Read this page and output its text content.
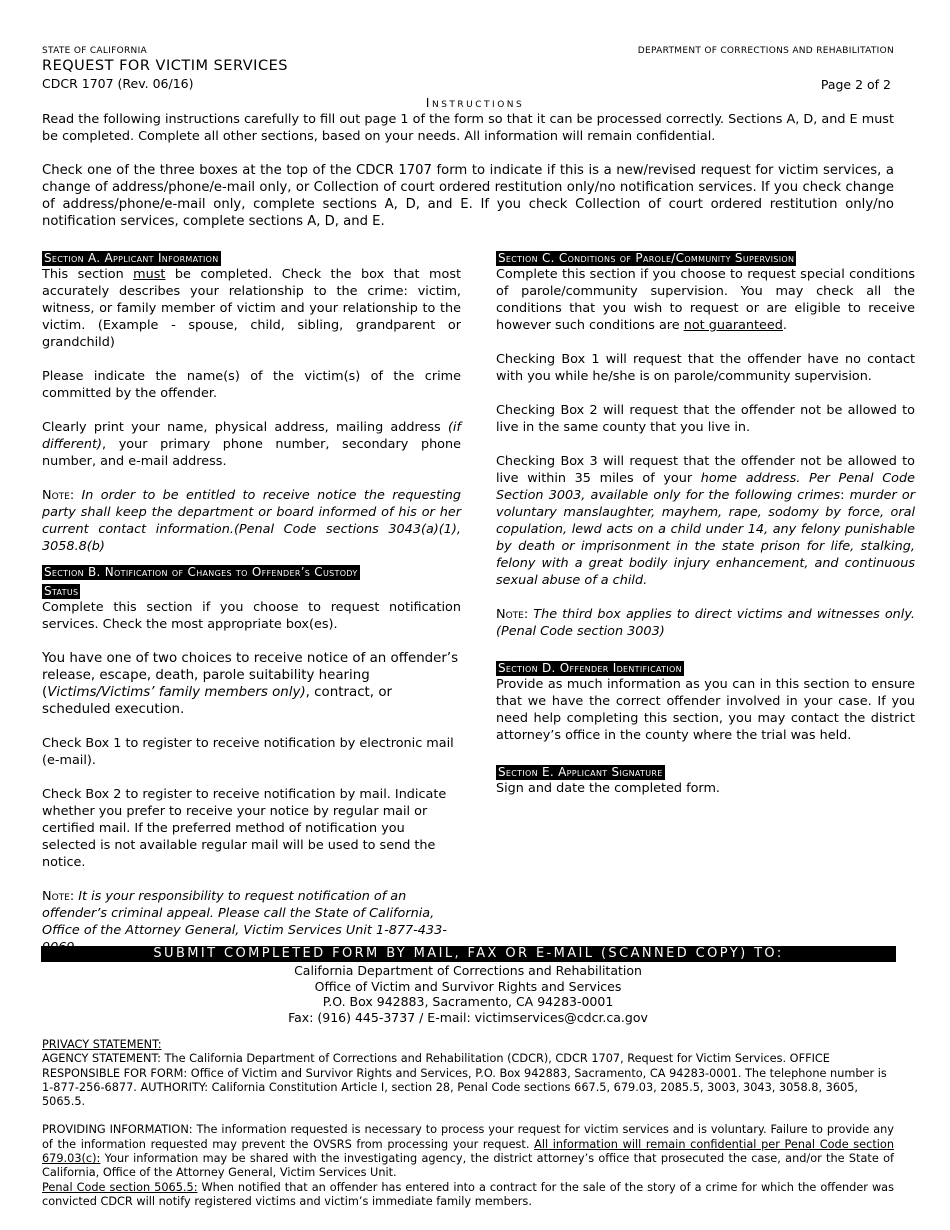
STATE OF CALIFORNIA	DEPARTMENT OF CORRECTIONS AND REHABILITATION
REQUEST FOR VICTIM SERVICES
CDCR 1707 (Rev. 06/16)	Page 2 of 2
Instructions

Read the following instructions carefully to fill out page 1 of the form so that it can be processed correctly. Sections A, D, and E must be completed. Complete all other sections, based on your needs. All information will remain confidential.

Check one of the three boxes at the top of the CDCR 1707 form to indicate if this is a new/revised request for victim services, a change of address/phone/e-mail only, or Collection of court ordered restitution only/no notification services. If you check change of address/phone/e-mail only, complete sections A, D, and E. If you check Collection of court ordered restitution only/no notification services, complete sections A, D, and E.

Section A. Applicant Information

This section must be completed. Check the box that most accurately describes your relationship to the crime: victim, witness, or family member of victim and your relationship to the victim. (Example - spouse, child, sibling, grandparent or grandchild)

Please indicate the name(s) of the victim(s) of the crime committed by the offender.

Clearly print your name, physical address, mailing address (if different), your primary phone number, secondary phone number, and e-mail address.

Note: In order to be entitled to receive notice the requesting party shall keep the department or board informed of his or her current contact information.(Penal Code sections 3043(a)(1), 3058.8(b)

Section B. Notification of Changes to Offender’s Custody
Status

Complete this section if you choose to request notification services. Check the most appropriate box(es).

You have one of two choices to receive notice of an offender’s release, escape, death, parole suitability hearing (Victims/Victims’ family members only), contract, or scheduled execution.

Check Box 1 to register to receive notification by electronic mail (e-mail).

Check Box 2 to register to receive notification by mail. Indicate whether you prefer to receive your notice by regular mail or certified mail. If the preferred method of notification you selected is not available regular mail will be used to send the notice.

Note: It is your responsibility to request notification of an offender’s criminal appeal. Please call the State of California, Office of the Attorney General, Victim Services Unit 1-877-433-

Section C. Conditions of Parole/Community Supervision

Complete this section if you choose to request special conditions of parole/community supervision. You may check all the conditions that you wish to request or are eligible to receive however such conditions are not guaranteed.

Checking Box 1 will request that the offender have no contact with you while he/she is on parole/community supervision.

Checking Box 2 will request that the offender not be allowed to live in the same county that you live in.

Checking Box 3 will request that the offender not be allowed to live within 35 miles of your home address. Per Penal Code Section 3003, available only for the following crimes: murder or voluntary manslaughter, mayhem, rape, sodomy by force, oral copulation, lewd acts on a child under 14, any felony punishable by death or imprisonment in the state prison for life, stalking, felony with a great bodily injury enhancement, and continuous sexual abuse of a child.

Note: The third box applies to direct victims and witnesses only. (Penal Code section 3003)

Section D. Offender Identification

Provide as much information as you can in this section to ensure that we have the correct offender involved in your case. If you need help completing this section, you may contact the district attorney’s office in the county where the trial was held.

Section E. Applicant Signature

Sign and date the completed form.

SUBMIT COMPLETED FORM BY MAIL, FAX OR E-MAIL (SCANNED COPY) TO:
California Department of Corrections and Rehabilitation
Office of Victim and Survivor Rights and Services
P.O. Box 942883, Sacramento, CA 94283-0001
Fax: (916) 445-3737 / E-mail: victimservices@cdcr.ca.gov

PRIVACY STATEMENT:

AGENCY STATEMENT: The California Department of Corrections and Rehabilitation (CDCR), CDCR 1707, Request for Victim Services. OFFICE RESPONSIBLE FOR FORM: Office of Victim and Survivor Rights and Services, P.O. Box 942883, Sacramento, CA 94283-0001. The telephone number is 1-877-256-6877. AUTHORITY: California Constitution Article I, section 28, Penal Code sections 667.5, 679.03, 2085.5, 3003, 3043, 3058.8, 3605, 5065.5.

PROVIDING INFORMATION: The information requested is necessary to process your request for victim services and is voluntary. Failure to provide any of the information requested may prevent the OVSRS from processing your request. All information will remain confidential per Penal Code section 679.03(c): Your information may be shared with the investigating agency, the district attorney’s office that prosecuted the case, and/or the State of California, Office of the Attorney General, Victim Services Unit.

Penal Code section 5065.5: When notified that an offender has entered into a contract for the sale of the story of a crime for which the offender was convicted CDCR will notify registered victims and victim’s immediate family members.
